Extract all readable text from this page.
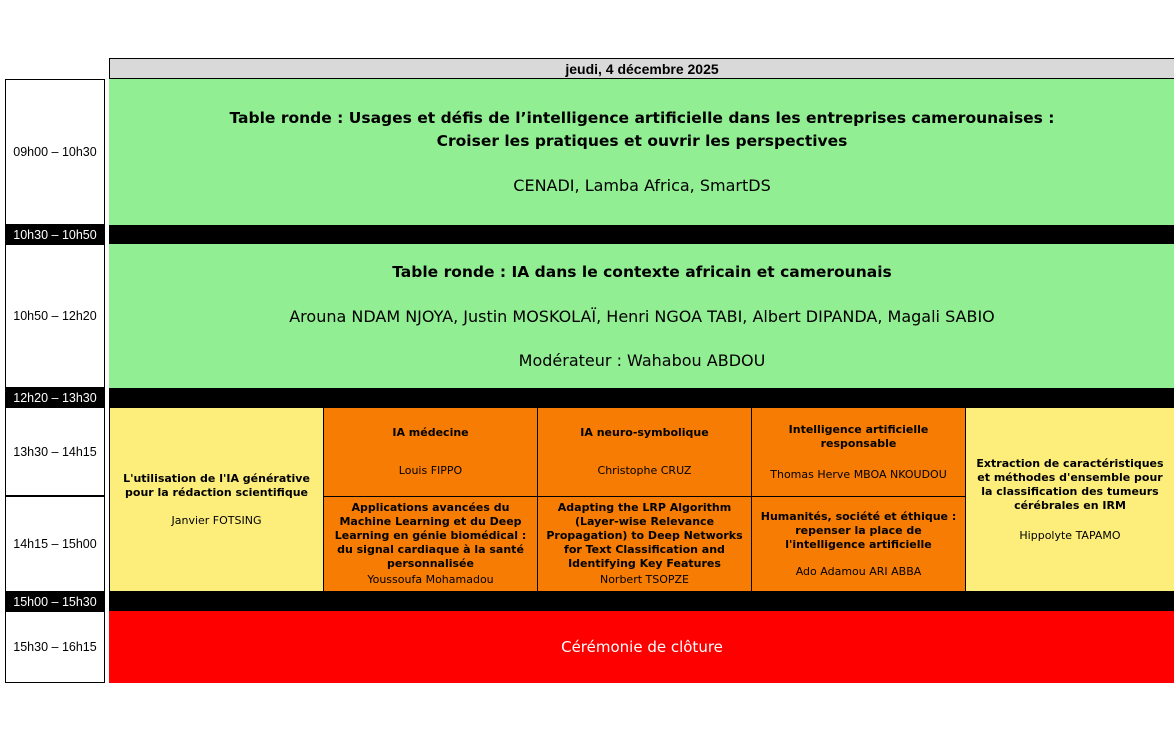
jeudi, 4 décembre 2025
09h00 – 10h30
10h30 – 10h50
10h50 – 12h20
12h20 – 13h30
13h30 – 14h15
14h15 – 15h00
15h00 – 15h30
15h30 – 16h15
Table ronde : Usages et défis de l’intelligence artificielle dans les entreprises camerounaises :
Croiser les pratiques et ouvrir les perspectives
CENADI, Lamba Africa, SmartDS
Table ronde : IA dans le contexte africain et camerounais
Arouna NDAM NJOYA, Justin MOSKOLAÏ, Henri NGOA TABI, Albert DIPANDA, Magali SABIO
Modérateur : Wahabou ABDOU
L'utilisation de l'IA générative pour la rédaction scientifique
Janvier FOTSING
IA médecine
Louis FIPPO
IA neuro-symbolique
Christophe CRUZ
Intelligence artificielle responsable
Thomas Herve MBOA NKOUDOU
Applications avancées du Machine Learning et du Deep Learning en génie biomédical : du signal cardiaque à la santé personnalisée
Youssoufa Mohamadou
Adapting the LRP Algorithm (Layer-wise Relevance Propagation) to Deep Networks for Text Classification and Identifying Key Features
Norbert TSOPZE
Humanités, société et éthique : repenser la place de l'intelligence artificielle
Ado Adamou ARI ABBA
Extraction de caractéristiques et méthodes d'ensemble pour la classification des tumeurs cérébrales en IRM
Hippolyte TAPAMO
Cérémonie de clôture
